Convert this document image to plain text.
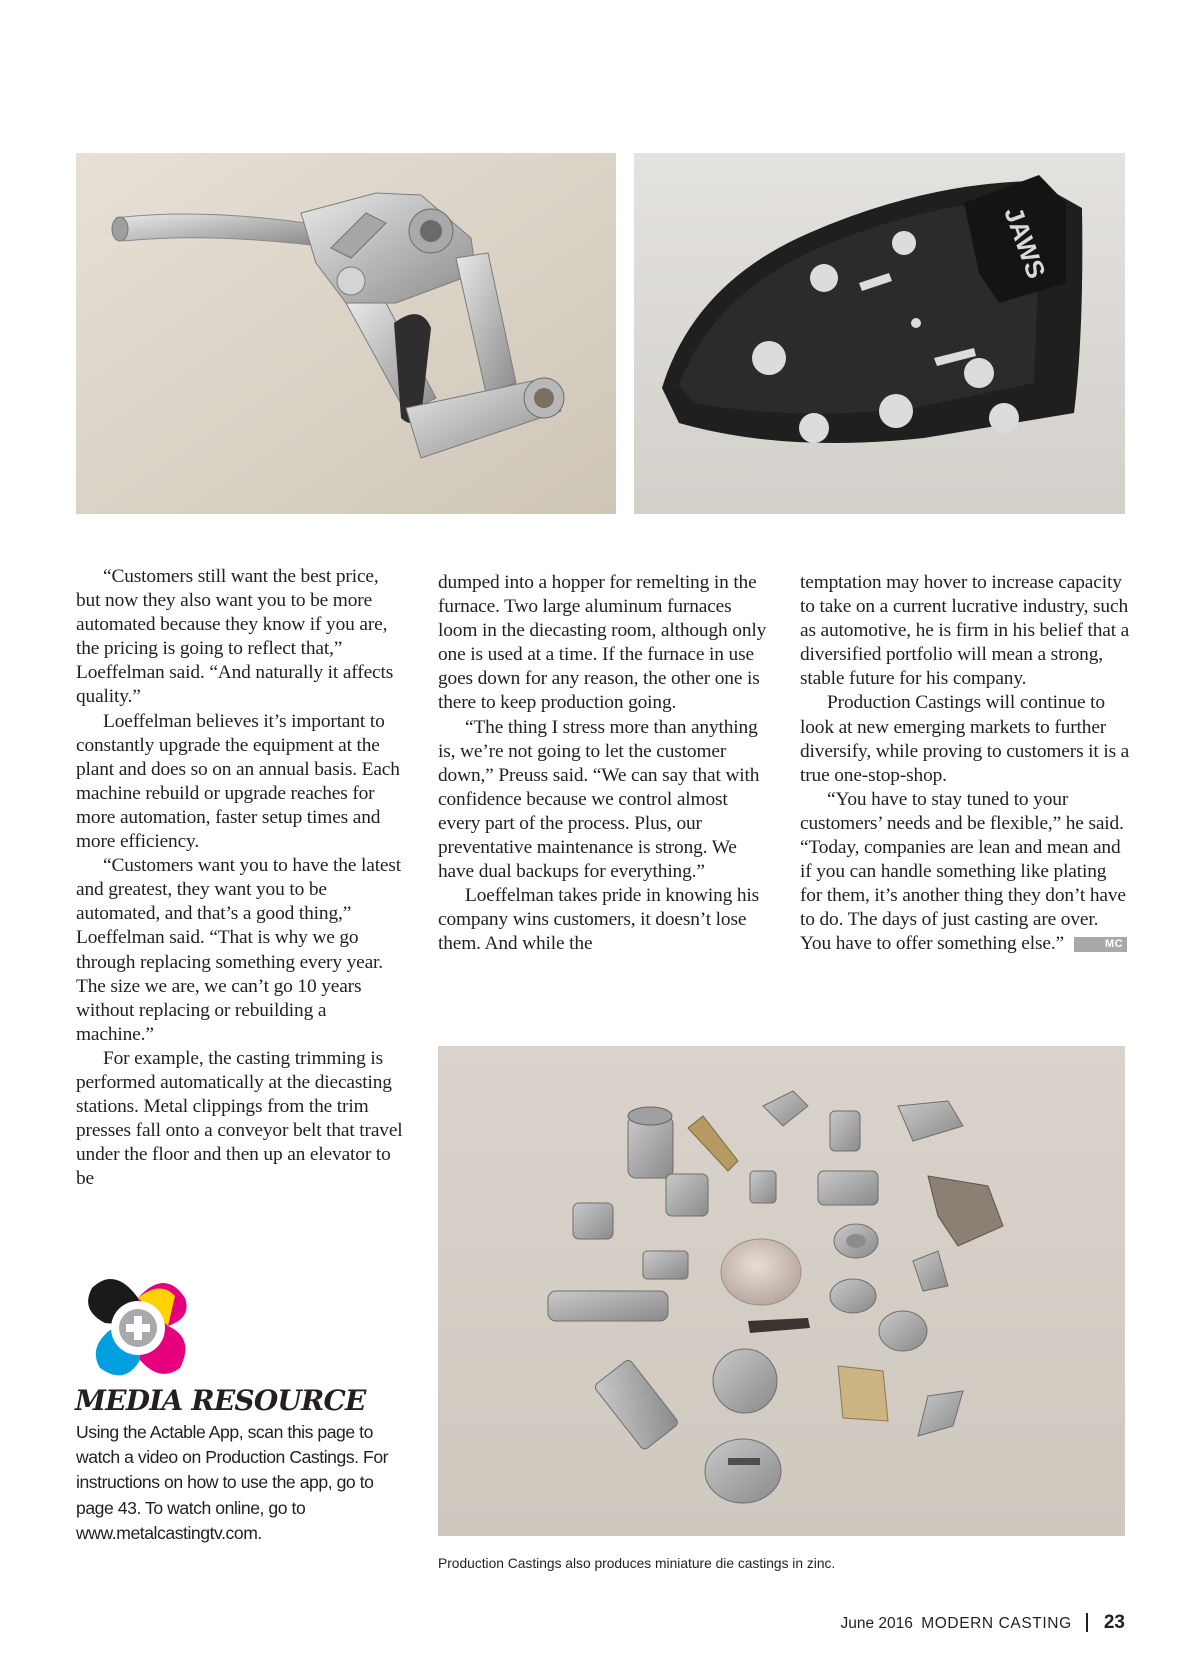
JAWS

“Customers still want the best price, but now they also want you to be more automated because they know if you are, the pricing is going to reflect that,” Loeffelman said. “And naturally it affects quality.”

Loeffelman believes it’s important to constantly upgrade the equipment at the plant and does so on an annual basis. Each machine rebuild or upgrade reaches for more automation, faster setup times and more efficiency.

“Customers want you to have the latest and greatest, they want you to be automated, and that’s a good thing,” Loeffelman said. “That is why we go through replacing something every year. The size we are, we can’t go 10 years without replacing or rebuilding a machine.”

For example, the casting trimming is performed automatically at the diecasting stations. Metal clippings from the trim presses fall onto a conveyor belt that travel under the floor and then up an elevator to be

dumped into a hopper for remelting in the furnace. Two large aluminum furnaces loom in the diecasting room, although only one is used at a time. If the furnace in use goes down for any reason, the other one is there to keep production going.

“The thing I stress more than anything is, we’re not going to let the customer down,” Preuss said. “We can say that with confidence because we control almost every part of the process. Plus, our preventative maintenance is strong. We have dual backups for everything.”

Loeffelman takes pride in knowing his company wins customers, it doesn’t lose them. And while the

temptation may hover to increase capacity to take on a current lucrative industry, such as automotive, he is firm in his belief that a diversified portfolio will mean a strong, stable future for his company.

Production Castings will continue to look at new emerging markets to further diversify, while proving to customers it is a true one-stop-shop.

“You have to stay tuned to your customers’ needs and be flexible,” he said. “Today, companies are lean and mean and if you can handle something like plating for them, it’s another thing they don’t have to do. The days of just casting are over. You have to offer something else.”	MC

MEDIA RESOURCE

Using the Actable App, scan this page to watch a video on Production Castings. For instructions on how to use the app, go to page 43. To watch online, go to www.metalcastingtv.com.

Production Castings also produces miniature die castings in zinc.

June 2016 MODERN CASTING 23
